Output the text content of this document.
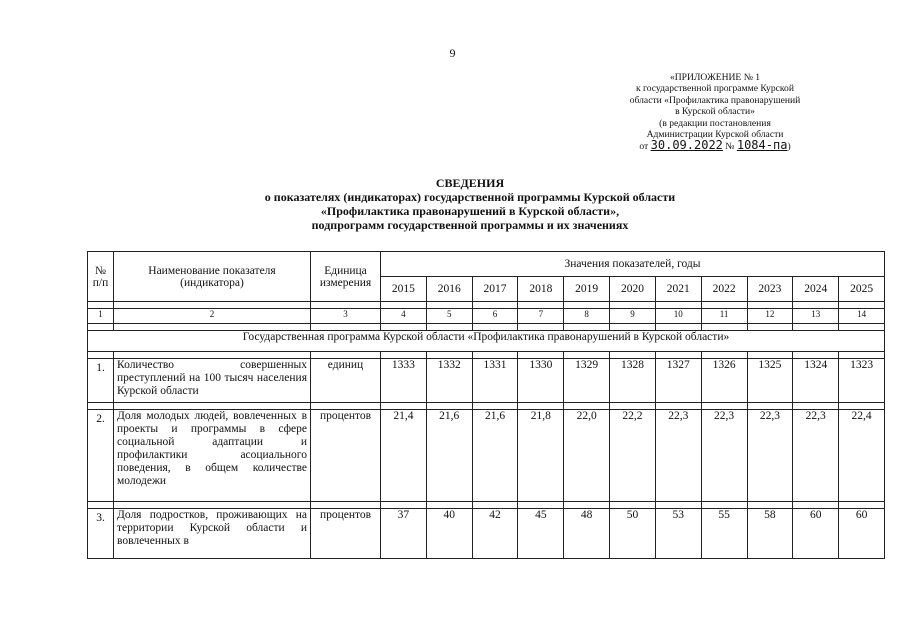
9
«ПРИЛОЖЕНИЕ № 1
к государственной программе Курской
области «Профилактика правонарушений
в Курской области»
(в редакции постановления
Администрации Курской области
от 30.09.2022 № 1084-па)
СВЕДЕНИЯ
о показателях (индикаторах) государственной программы Курской области
«Профилактика правонарушений в Курской области»,
подпрограмм государственной программы и их значениях
№ п/п	Наименование показателя (индикатора)	Единица измерения	Значения показателей, годы										
			2015	2016	2017	2018	2019	2020	2021	2022	2023	2024	2025

1	2	3	4	5	6	7	8	9	10	11	12	13	14

Государственная программа Курской области «Профилактика правонарушений в Курской области»													

1.	Количество совершенных преступлений на 100 тысяч населения Курской области	единиц	1333	1332	1331	1330	1329	1328	1327	1326	1325	1324	1323

2.	Доля молодых людей, вовлеченных в проекты и программы в сфере социальной адаптации и профилактики асоциального поведения, в общем количестве молодежи	процентов	21,4	21,6	21,6	21,8	22,0	22,2	22,3	22,3	22,3	22,3	22,4

3.	Доля подростков, проживающих на территории Курской области и вовлеченных в	процентов	37	40	42	45	48	50	53	55	58	60	60
